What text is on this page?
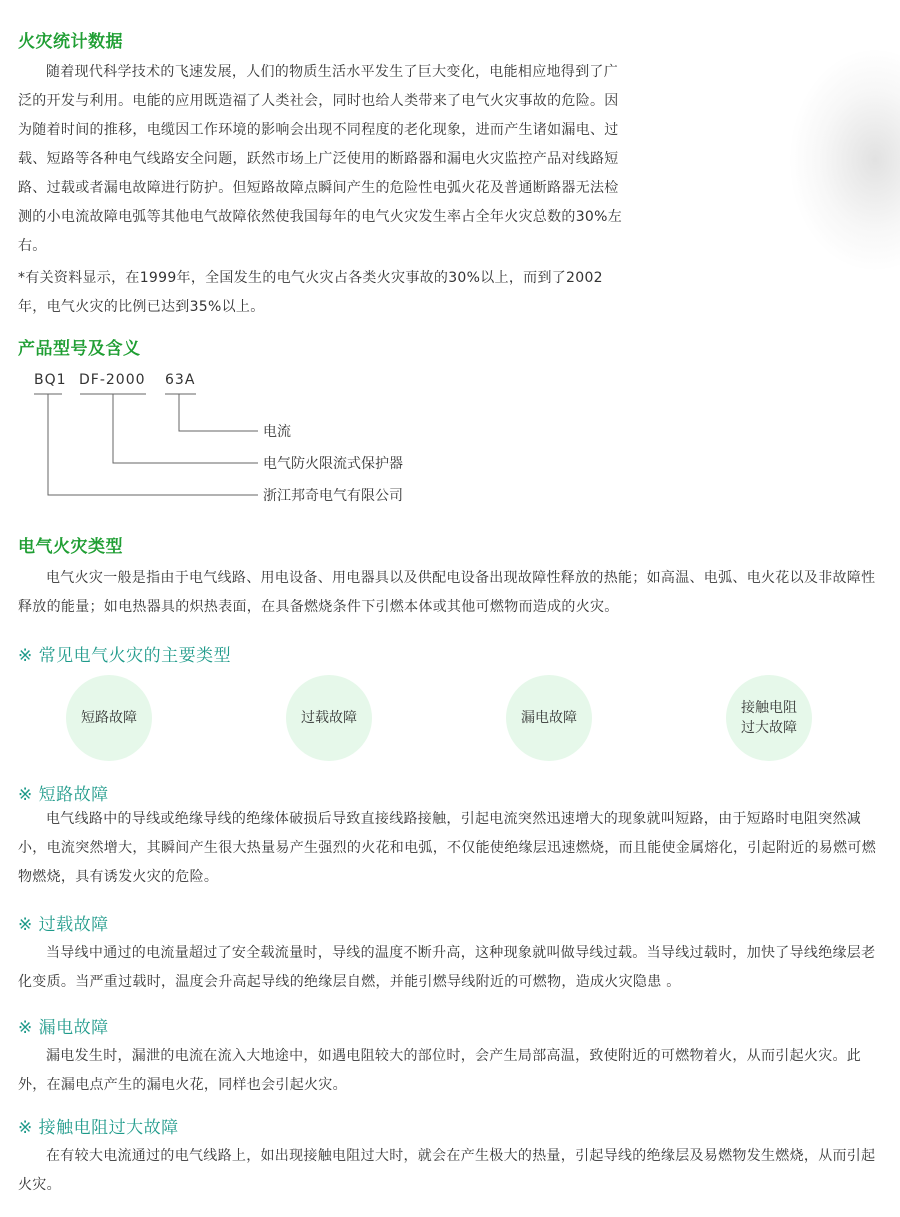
火灾统计数据

随着现代科学技术的飞速发展，人们的物质生活水平发生了巨大变化，电能相应地得到了广泛的开发与利用。电能的应用既造福了人类社会，同时也给人类带来了电气火灾事故的危险。因为随着时间的推移，电缆因工作环境的影响会出现不同程度的老化现象，进而产生诸如漏电、过载、短路等各种电气线路安全问题，跃然市场上广泛使用的断路器和漏电火灾监控产品对线路短路、过载或者漏电故障进行防护。但短路故障点瞬间产生的危险性电弧火花及普通断路器无法检测的小电流故障电弧等其他电气故障依然使我国每年的电气火灾发生率占全年火灾总数的30%左右。

*有关资料显示，在1999年，全国发生的电气火灾占各类火灾事故的30%以上，而到了2002年，电气火灾的比例已达到35%以上。

产品型号及含义
BQ1 DF-2000 63A
电流
电气防火限流式保护器
浙江邦奇电气有限公司
电气火灾类型

电气火灾一般是指由于电气线路、用电设备、用电器具以及供配电设备出现故障性释放的热能；如高温、电弧、电火花以及非故障性释放的能量；如电热器具的炽热表面，在具备燃烧条件下引燃本体或其他可燃物而造成的火灾。

※ 常见电气火灾的主要类型
短路故障	过载故障	漏电故障
接触电阻
过大故障
※ 短路故障

电气线路中的导线或绝缘导线的绝缘体破损后导致直接线路接触，引起电流突然迅速增大的现象就叫短路，由于短路时电阻突然减小，电流突然增大，其瞬间产生很大热量易产生强烈的火花和电弧，不仅能使绝缘层迅速燃烧，而且能使金属熔化，引起附近的易燃可燃物燃烧，具有诱发火灾的危险。

※ 过载故障

当导线中通过的电流量超过了安全载流量时，导线的温度不断升高，这种现象就叫做导线过载。当导线过载时，加快了导线绝缘层老化变质。当严重过载时，温度会升高起导线的绝缘层自燃，并能引燃导线附近的可燃物，造成火灾隐患 。

※ 漏电故障

漏电发生时，漏泄的电流在流入大地途中，如遇电阻较大的部位时，会产生局部高温，致使附近的可燃物着火，从而引起火灾。此外，在漏电点产生的漏电火花，同样也会引起火灾。

※ 接触电阻过大故障

在有较大电流通过的电气线路上，如出现接触电阻过大时，就会在产生极大的热量，引起导线的绝缘层及易燃物发生燃烧，从而引起火灾。
